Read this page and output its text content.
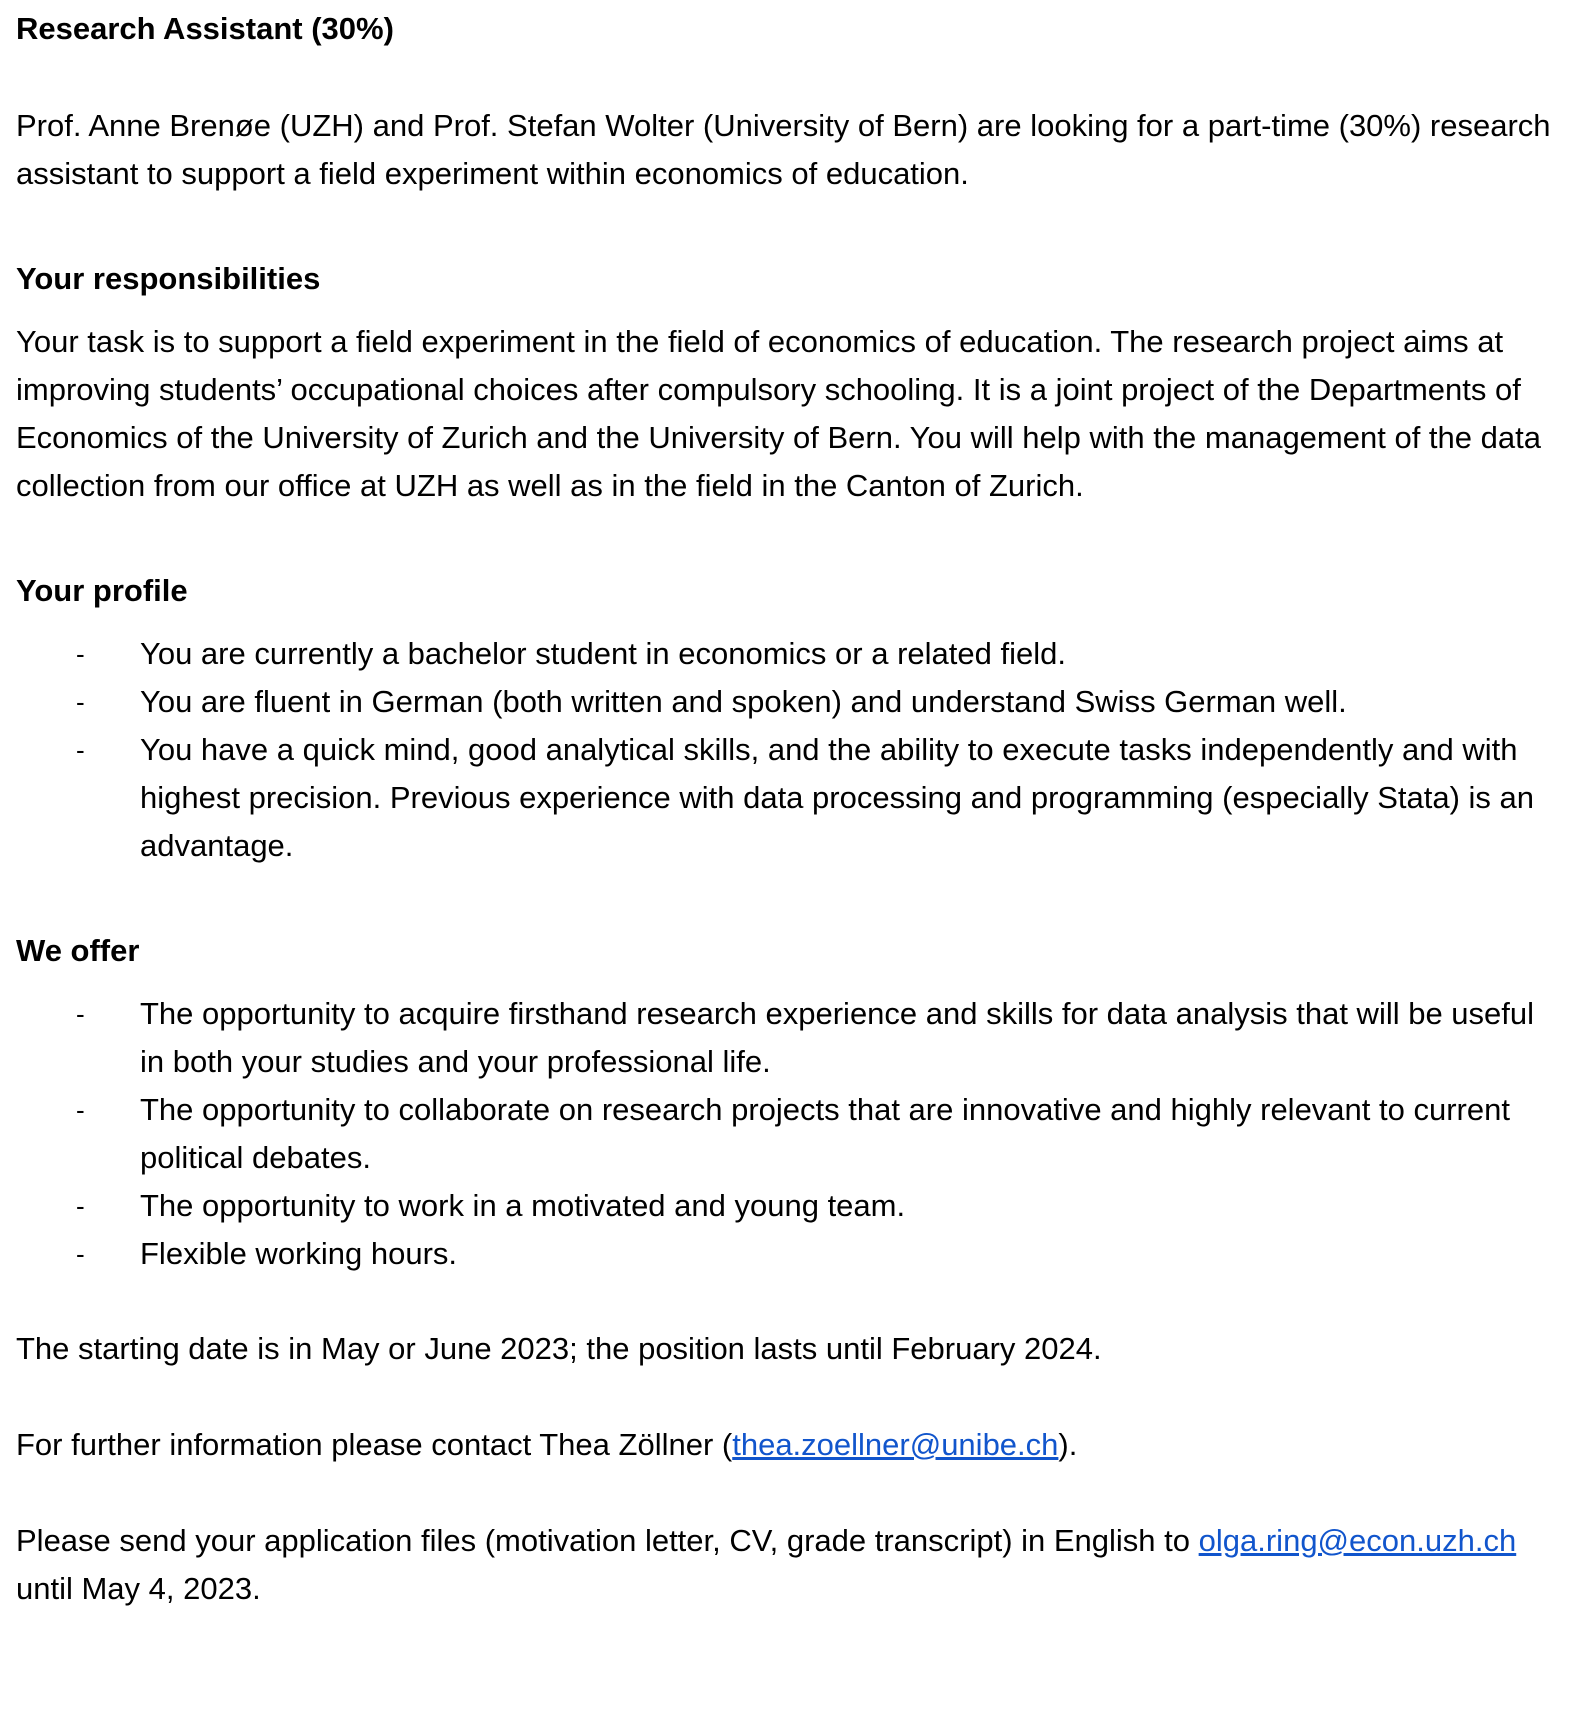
Research Assistant (30%)

Prof. Anne Brenøe (UZH) and Prof. Stefan Wolter (University of Bern) are looking for a part-time (30%) research assistant to support a field experiment within economics of education.

Your responsibilities

Your task is to support a field experiment in the field of economics of education. The research project aims at improving students’ occupational choices after compulsory schooling. It is a joint project of the Departments of Economics of the University of Zurich and the University of Bern. You will help with the management of the data collection from our office at UZH as well as in the field in the Canton of Zurich.

Your profile
- You are currently a bachelor student in economics or a related field.
- You are fluent in German (both written and spoken) and understand Swiss German well.
- You have a quick mind, good analytical skills, and the ability to execute tasks independently and with highest precision. Previous experience with data processing and programming (especially Stata) is an advantage.
We offer
- The opportunity to acquire firsthand research experience and skills for data analysis that will be useful in both your studies and your professional life.
- The opportunity to collaborate on research projects that are innovative and highly relevant to current political debates.
- The opportunity to work in a motivated and young team.
- Flexible working hours.

The starting date is in May or June 2023; the position lasts until February 2024.

For further information please contact Thea Zöllner (thea.zoellner@unibe.ch).

Please send your application files (motivation letter, CV, grade transcript) in English to olga.ring@econ.uzh.ch until May 4, 2023.
